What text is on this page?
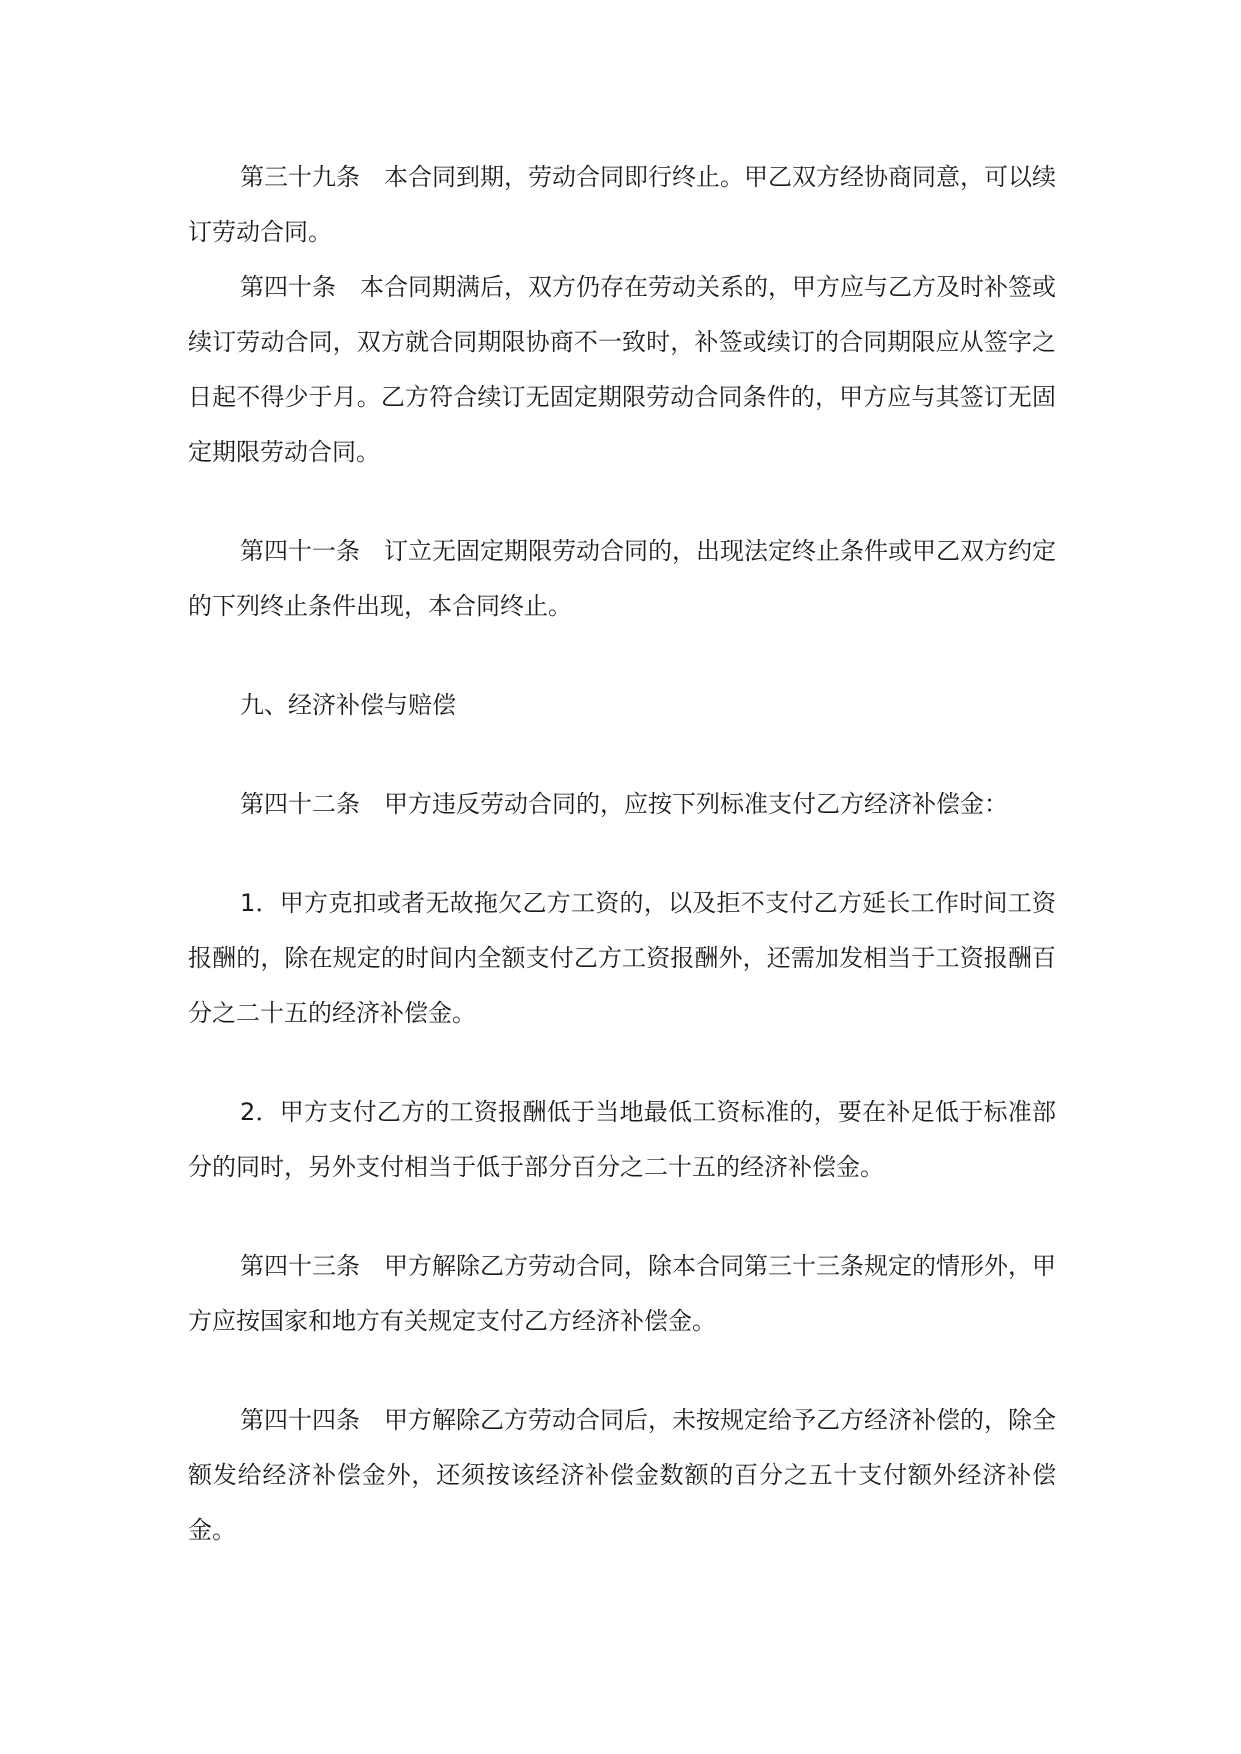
第三十九条 本合同到期，劳动合同即行终止。甲乙双方经协商同意，可以续订劳动合同。

第四十条 本合同期满后，双方仍存在劳动关系的，甲方应与乙方及时补签或续订劳动合同，双方就合同期限协商不一致时，补签或续订的合同期限应从签字之日起不得少于月。乙方符合续订无固定期限劳动合同条件的，甲方应与其签订无固定期限劳动合同。

第四十一条 订立无固定期限劳动合同的，出现法定终止条件或甲乙双方约定的下列终止条件出现，本合同终止。

九、经济补偿与赔偿

第四十二条 甲方违反劳动合同的，应按下列标准支付乙方经济补偿金：

1．甲方克扣或者无故拖欠乙方工资的，以及拒不支付乙方延长工作时间工资报酬的，除在规定的时间内全额支付乙方工资报酬外，还需加发相当于工资报酬百分之二十五的经济补偿金。

2．甲方支付乙方的工资报酬低于当地最低工资标准的，要在补足低于标准部分的同时，另外支付相当于低于部分百分之二十五的经济补偿金。

第四十三条 甲方解除乙方劳动合同，除本合同第三十三条规定的情形外，甲方应按国家和地方有关规定支付乙方经济补偿金。

第四十四条 甲方解除乙方劳动合同后，未按规定给予乙方经济补偿的，除全额发给经济补偿金外，还须按该经济补偿金数额的百分之五十支付额外经济补偿金。
